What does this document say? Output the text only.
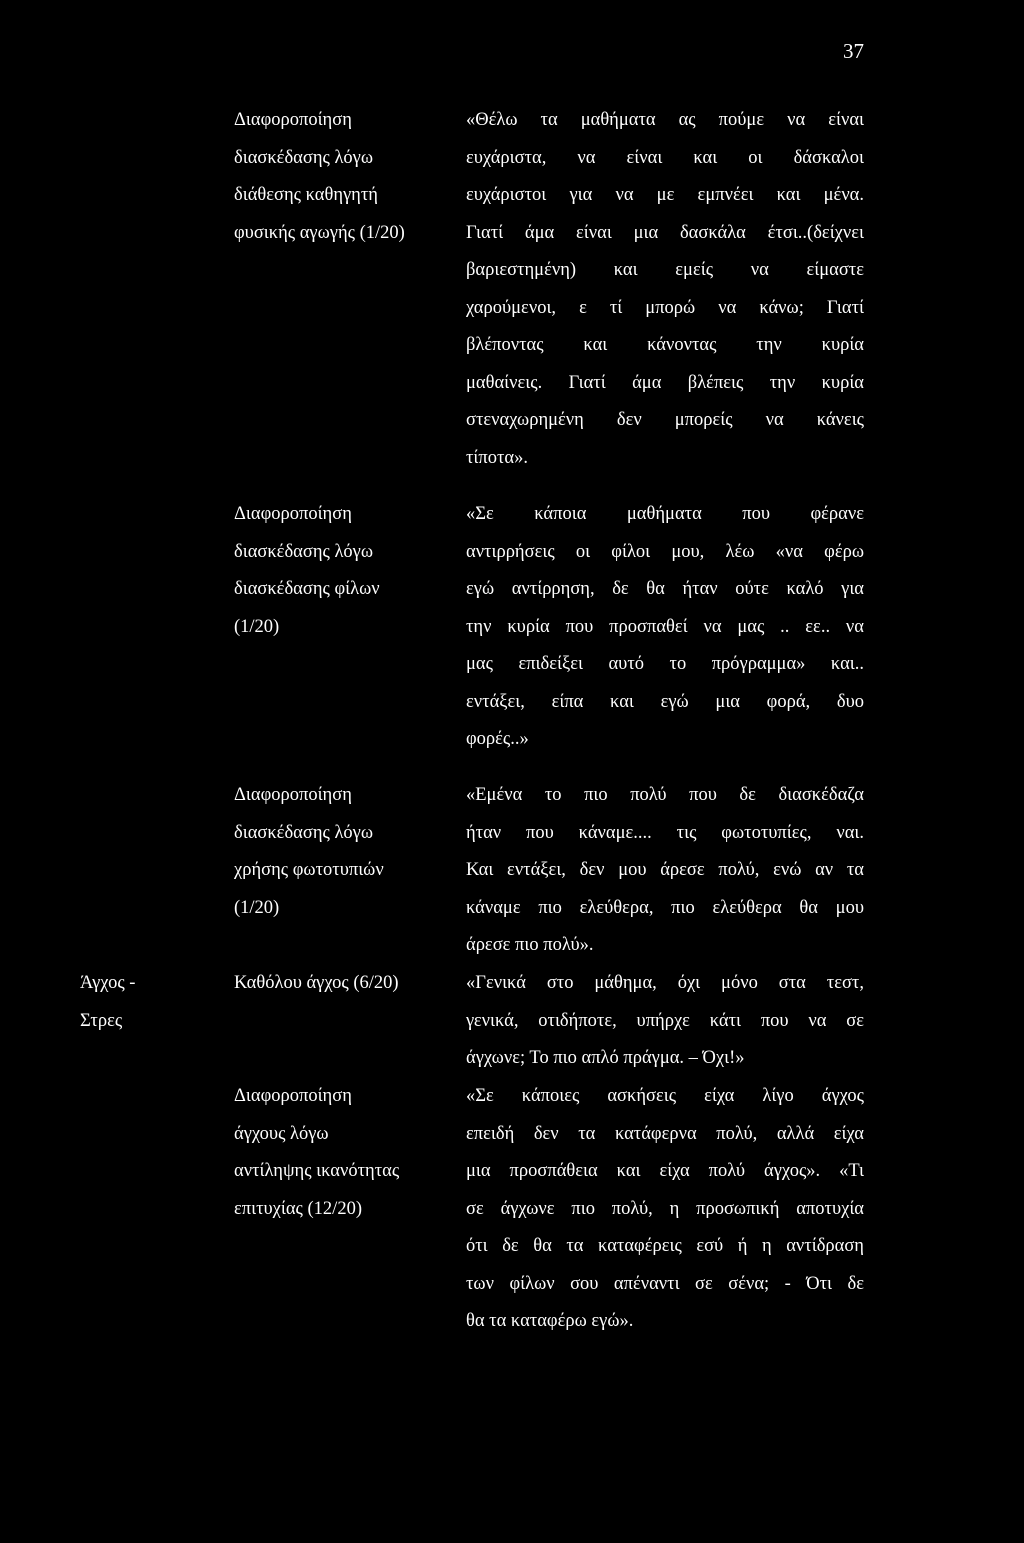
37
Διαφοροποίηση
διασκέδασης λόγω
διάθεσης καθηγητή
φυσικής αγωγής (1/20)
«Θέλω τα μαθήματα ας πούμε να είναι
ευχάριστα, να είναι και οι δάσκαλοι
ευχάριστοι για να με εμπνέει και μένα.
Γιατί άμα είναι μια δασκάλα έτσι..(δείχνει
βαριεστημένη) και εμείς να είμαστε
χαρούμενοι, ε τί μπορώ να κάνω; Γιατί
βλέποντας και κάνοντας την κυρία
μαθαίνεις. Γιατί άμα βλέπεις την κυρία
στεναχωρημένη δεν μπορείς να κάνεις
τίποτα».
Διαφοροποίηση
διασκέδασης λόγω
διασκέδασης φίλων
(1/20)
«Σε κάποια μαθήματα που φέρανε
αντιρρήσεις οι φίλοι μου, λέω «να φέρω
εγώ αντίρρηση, δε θα ήταν ούτε καλό για
την κυρία που προσπαθεί να μας .. εε.. να
μας επιδείξει αυτό το πρόγραμμα» και..
εντάξει, είπα και εγώ μια φορά, δυο
φορές..»
Διαφοροποίηση
διασκέδασης λόγω
χρήσης φωτοτυπιών
(1/20)
«Εμένα το πιο πολύ που δε διασκέδαζα
ήταν που κάναμε.... τις φωτοτυπίες, ναι.
Και εντάξει, δεν μου άρεσε πολύ, ενώ αν τα
κάναμε πιο ελεύθερα, πιο ελεύθερα θα μου
άρεσε πιο πολύ».
Άγχος -
Στρες
Καθόλου άγχος (6/20)	«Γενικά στο μάθημα, όχι μόνο στα τεστ,
γενικά, οτιδήποτε, υπήρχε κάτι που να σε
άγχωνε; Το πιο απλό πράγμα. – Όχι!»
Διαφοροποίηση
άγχους λόγω
αντίληψης ικανότητας
επιτυχίας (12/20)
«Σε κάποιες ασκήσεις είχα λίγο άγχος
επειδή δεν τα κατάφερνα πολύ, αλλά είχα
μια προσπάθεια και είχα πολύ άγχος». «Τι
σε άγχωνε πιο πολύ, η προσωπική αποτυχία
ότι δε θα τα καταφέρεις εσύ ή η αντίδραση
των φίλων σου απέναντι σε σένα; - Ότι δε
θα τα καταφέρω εγώ».
